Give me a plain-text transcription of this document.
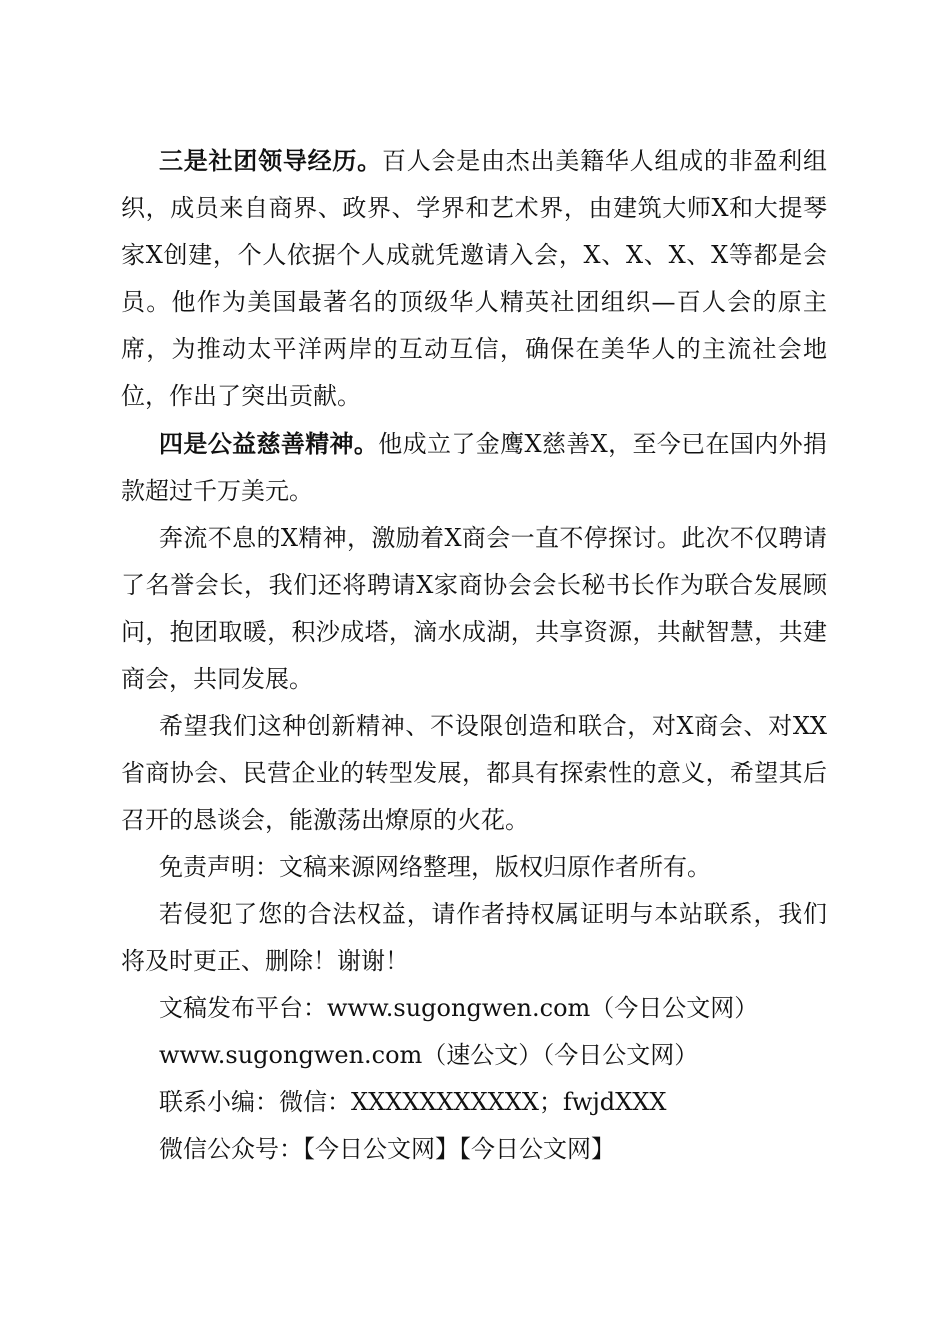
三是社团领导经历。百人会是由杰出美籍华人组成的非盈利组织，成员来自商界、政界、学界和艺术界，由建筑大师X和大提琴家X创建，个人依据个人成就凭邀请入会，X、X、X、X等都是会员。他作为美国最著名的顶级华人精英社团组织—百人会的原主席，为推动太平洋两岸的互动互信，确保在美华人的主流社会地位，作出了突出贡献。

四是公益慈善精神。他成立了金鹰X慈善X，至今已在国内外捐款超过千万美元。

奔流不息的X精神，激励着X商会一直不停探讨。此次不仅聘请了名誉会长，我们还将聘请X家商协会会长秘书长作为联合发展顾问，抱团取暖，积沙成塔，滴水成湖，共享资源，共献智慧，共建商会，共同发展。

希望我们这种创新精神、不设限创造和联合，对X商会、对XX省商协会、民营企业的转型发展，都具有探索性的意义，希望其后召开的恳谈会，能激荡出燎原的火花。

免责声明：文稿来源网络整理，版权归原作者所有。

若侵犯了您的合法权益，请作者持权属证明与本站联系，我们将及时更正、删除！谢谢！

文稿发布平台：www.sugongwen.com（今日公文网）

www.sugongwen.com（速公文）（今日公文网）

联系小编：微信：XXXXXXXXXXX；fwjdXXX

微信公众号：【今日公文网】【今日公文网】
